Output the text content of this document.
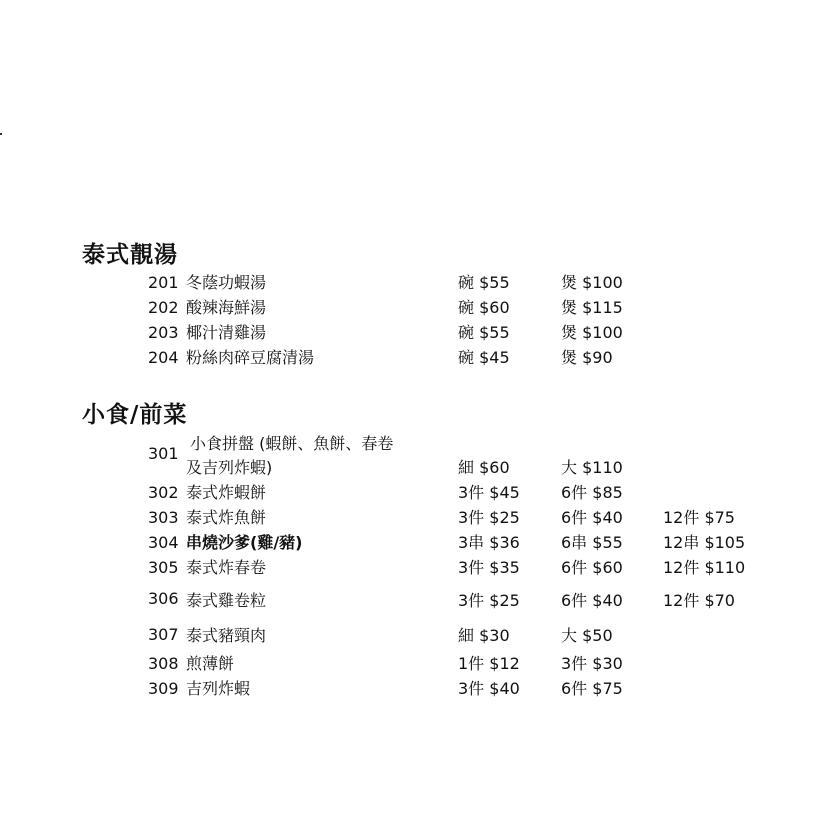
泰式靚湯
201 冬蔭功蝦湯	碗 $55	煲 $100
202 酸辣海鮮湯	碗 $60	煲 $115
203 椰汁清雞湯	碗 $55	煲 $100
204 粉絲肉碎豆腐清湯	碗 $45	煲 $90
小食/前菜
301
小食拼盤 (蝦餅、魚餅、春卷
及吉列炸蝦)	細 $60	大 $110
302 泰式炸蝦餅	3件 $45	6件 $85
303 泰式炸魚餅	3件 $25	6件 $40	12件 $75
304 串燒沙爹(雞/豬)	3串 $36	6串 $55	12串 $105
305 泰式炸春卷	3件 $35	6件 $60	12件 $110
306 泰式雞卷粒	3件 $25	6件 $40	12件 $70
307 泰式豬頸肉	細 $30	大 $50
308 煎薄餅	1件 $12	3件 $30
309 吉列炸蝦	3件 $40	6件 $75
